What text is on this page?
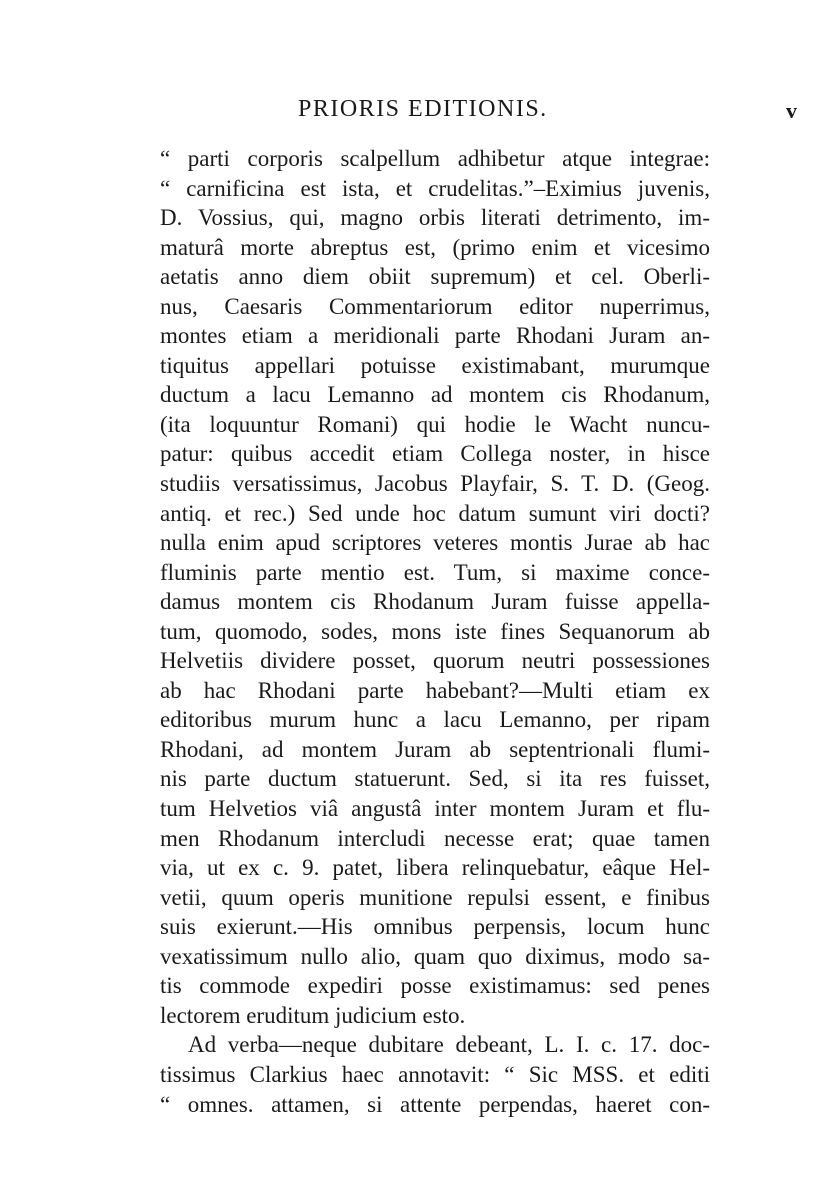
PRIORIS EDITIONIS.	v
“ parti corporis scalpellum adhibetur atque integrae:
“ carnificina est ista, et crudelitas.”–Eximius juvenis,
D. Vossius, qui, magno orbis literati detrimento, im-
maturâ morte abreptus est, (primo enim et vicesimo
aetatis anno diem obiit supremum) et cel. Oberli-
nus, Caesaris Commentariorum editor nuperrimus,
montes etiam a meridionali parte Rhodani Juram an-
tiquitus appellari potuisse existimabant, murumque
ductum a lacu Lemanno ad montem cis Rhodanum,
(ita loquuntur Romani) qui hodie le Wacht nuncu-
patur: quibus accedit etiam Collega noster, in hisce
studiis versatissimus, Jacobus Playfair, S. T. D. (Geog.
antiq. et rec.) Sed unde hoc datum sumunt viri docti?
nulla enim apud scriptores veteres montis Jurae ab hac
fluminis parte mentio est. Tum, si maxime conce-
damus montem cis Rhodanum Juram fuisse appella-
tum, quomodo, sodes, mons iste fines Sequanorum ab
Helvetiis dividere posset, quorum neutri possessiones
ab hac Rhodani parte habebant?—Multi etiam ex
editoribus murum hunc a lacu Lemanno, per ripam
Rhodani, ad montem Juram ab septentrionali flumi-
nis parte ductum statuerunt. Sed, si ita res fuisset,
tum Helvetios viâ angustâ inter montem Juram et flu-
men Rhodanum intercludi necesse erat; quae tamen
via, ut ex c. 9. patet, libera relinquebatur, eâque Hel-
vetii, quum operis munitione repulsi essent, e finibus
suis exierunt.—His omnibus perpensis, locum hunc
vexatissimum nullo alio, quam quo diximus, modo sa-
tis commode expediri posse existimamus: sed penes
lectorem eruditum judicium esto.
Ad verba—neque dubitare debeant, L. I. c. 17. doc-
tissimus Clarkius haec annotavit: “ Sic MSS. et editi
“ omnes. attamen, si attente perpendas, haeret con-
